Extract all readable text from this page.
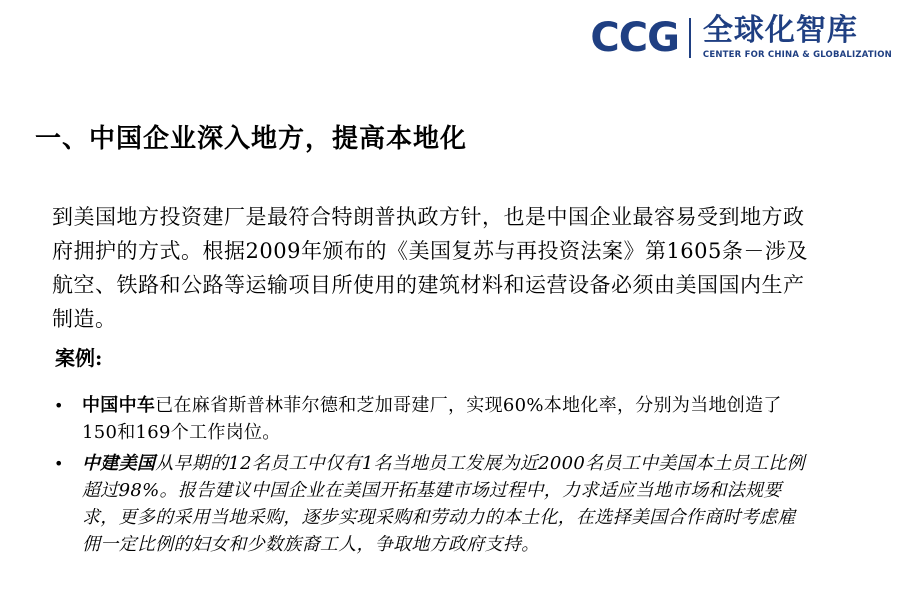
CCG 全球化智库
CENTER FOR CHINA & GLOBALIZATION
一、中国企业深入地方，提高本地化
到美国地方投资建厂是最符合特朗普执政方针，也是中国企业最容易受到地方政府拥护的方式。根据2009年颁布的《美国复苏与再投资法案》第1605条－涉及航空、铁路和公路等运输项目所使用的建筑材料和运营设备必须由美国国内生产制造。
案例:
• 中国中车已在麻省斯普林菲尔德和芝加哥建厂，实现60%本地化率，分别为当地创造了150和169个工作岗位。
• 中建美国从早期的12名员工中仅有1名当地员工发展为近2000名员工中美国本土员工比例超过98%。报告建议中国企业在美国开拓基建市场过程中，力求适应当地市场和法规要求，更多的采用当地采购，逐步实现采购和劳动力的本土化，在选择美国合作商时考虑雇佣一定比例的妇女和少数族裔工人，争取地方政府支持。
